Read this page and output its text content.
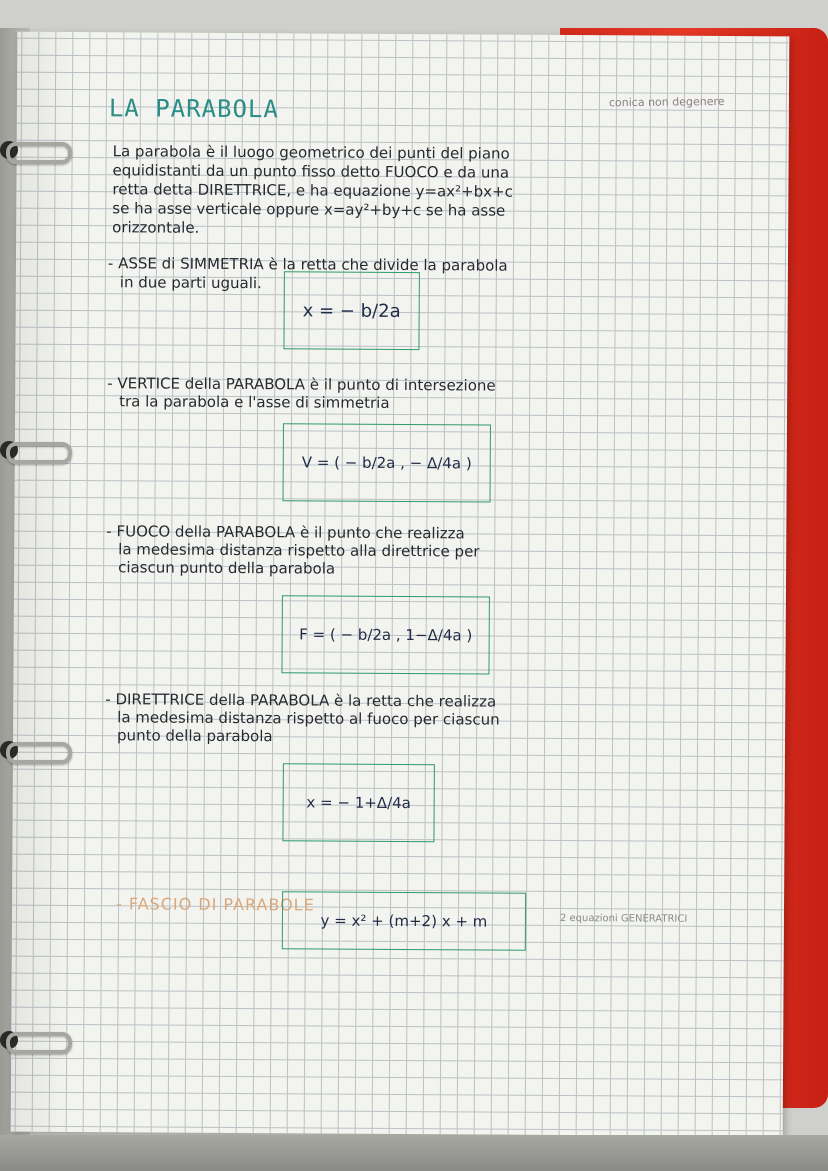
LA PARABOLA	conica non degenere
La parabola è il luogo geometrico dei punti del piano
equidistanti da un punto fisso detto FUOCO e da una
retta detta DIRETTRICE, e ha equazione y=ax²+bx+c
se ha asse verticale oppure x=ay²+by+c se ha asse
orizzontale.
- ASSE di SIMMETRIA è la retta che divide la parabola
in due parti uguali.
x = − b/2a
- VERTICE della PARABOLA è il punto di intersezione
tra la parabola e l'asse di simmetria
V = ( − b/2a , − Δ/4a )
- FUOCO della PARABOLA è il punto che realizza
la medesima distanza rispetto alla direttrice per
ciascun punto della parabola
F = ( − b/2a , 1−Δ/4a )
- DIRETTRICE della PARABOLA è la retta che realizza
la medesima distanza rispetto al fuoco per ciascun
punto della parabola
x = − 1+Δ/4a
- FASCIO DI PARABOLE
2 equazioni GENERATRICI
y = x² + (m+2) x + m
